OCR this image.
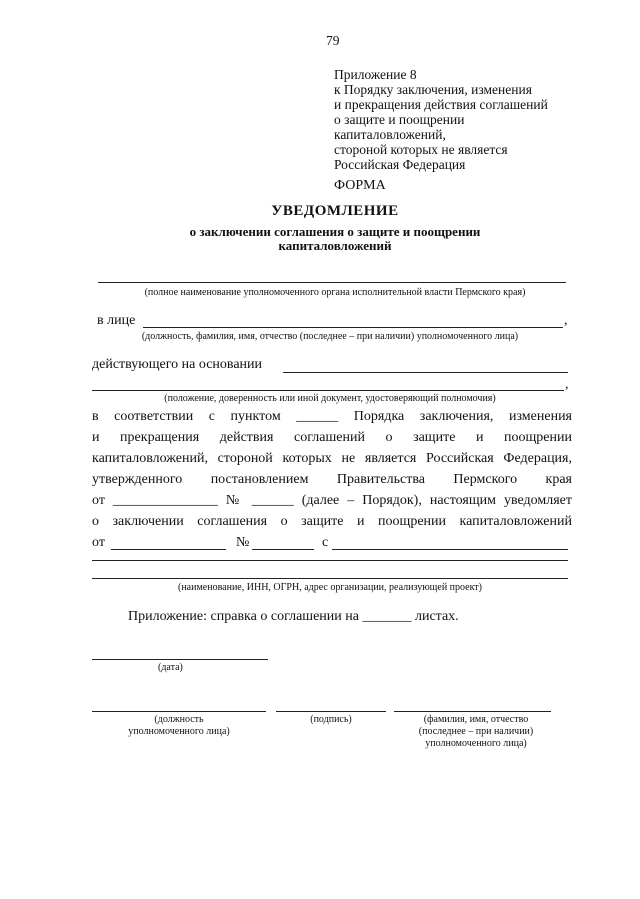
79
Приложение 8
к Порядку заключения, изменения
и прекращения действия соглашений
о защите и поощрении
капиталовложений,
стороной которых не является
Российская Федерация
ФОРМА
УВЕДОМЛЕНИЕ
о заключении соглашения о защите и поощрении
капиталовложений
(полное наименование уполномоченного органа исполнительной власти Пермского края)
в лице	,
(должность, фамилия, имя, отчество (последнее – при наличии) уполномоченного лица)
действующего на основании
,
(положение, доверенность или иной документ, удостоверяющий полномочия)
в соответствии с пунктом ______ Порядка заключения, изменения
и прекращения действия соглашений о защите и поощрении
капиталовложений, стороной которых не является Российская Федерация,
утвержденного постановлением Правительства Пермского края
от _______________ № ______ (далее – Порядок), настоящим уведомляет
о заключении соглашения о защите и поощрении капиталовложений
от	№	с
(наименование, ИНН, ОГРН, адрес организации, реализующей проект)
Приложение: справка о соглашении на _______ листах.
(дата)
(должность
уполномоченного лица)
(подпись)	(фамилия, имя, отчество
(последнее – при наличии)
уполномоченного лица)
